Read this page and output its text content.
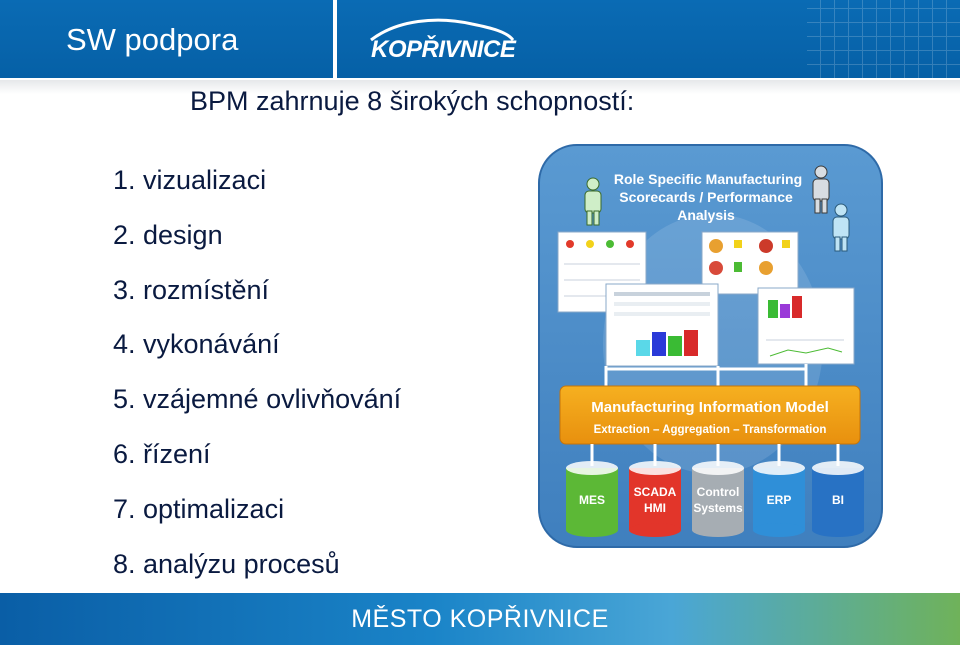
SW podpora	KOPŘIVNICE
BPM zahrnuje 8 širokých schopností:
1. vizualizaci
2. design
3. rozmístění
4. vykonávání
5. vzájemné ovlivňování
6. řízení
7. optimalizaci
8. analýzu procesů
Role Specific Manufacturing
Scorecards / Performance
Analysis
Manufacturing Information Model
Extraction – Aggregation – Transformation
MES
SCADA
HMI
Control
Systems
ERP	BI
MĚSTO KOPŘIVNICE
